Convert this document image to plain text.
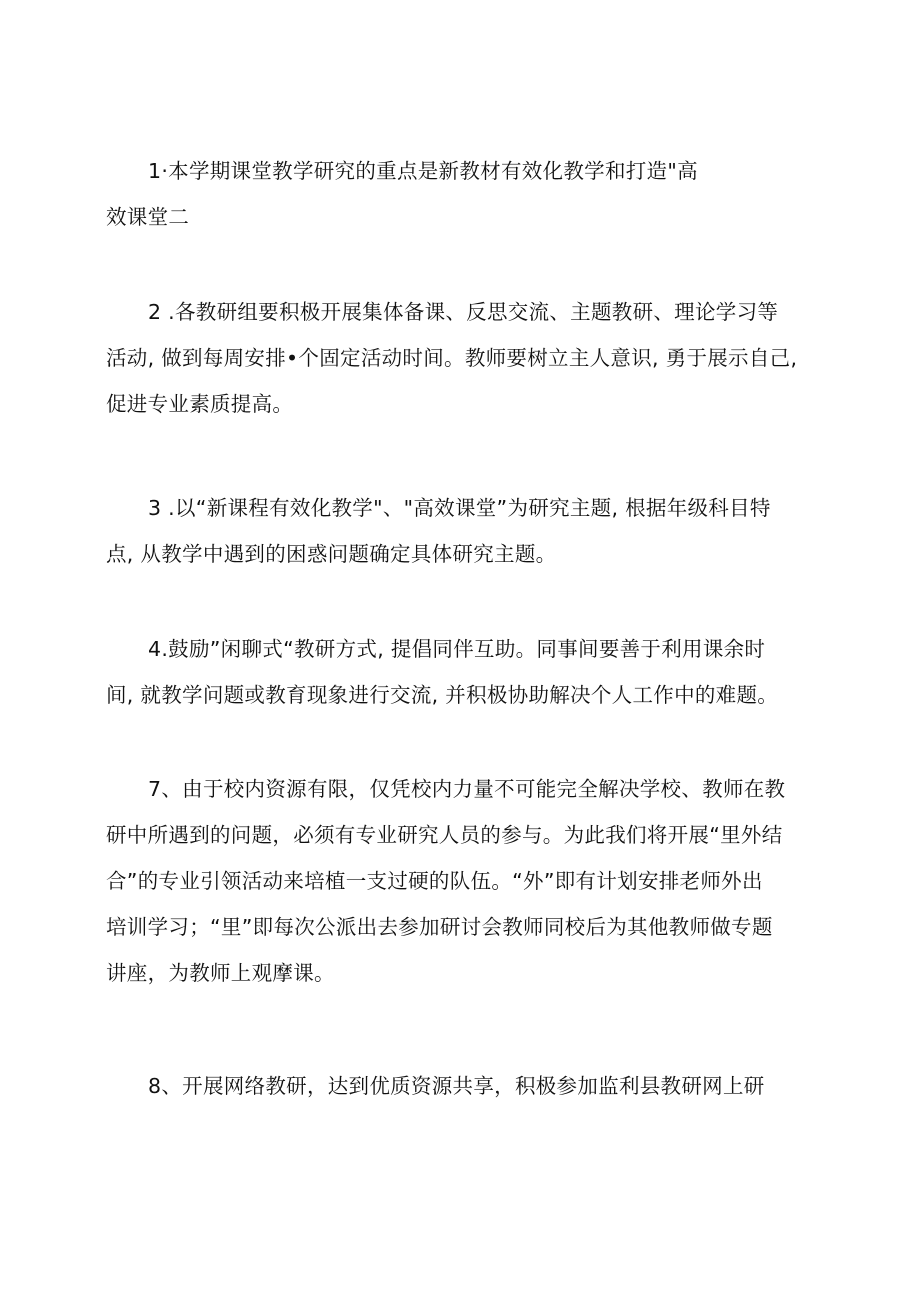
1·本学期课堂教学研究的重点是新教材有效化教学和打造"高
效课堂二
2 .各教研组要积极开展集体备课、反思交流、主题教研、理论学习等
活动, 做到每周安排•个固定活动时间。教师要树立主人意识, 勇于展示自己,
促进专业素质提高。
3 .以“新课程有效化教学"、"高效课堂”为研究主题, 根据年级科目特
点, 从教学中遇到的困惑问题确定具体研究主题。
4.鼓励”闲聊式“教研方式, 提倡同伴互助。同事间要善于利用课余时
间, 就教学问题或教育现象进行交流, 并积极协助解决个人工作中的难题。
7、由于校内资源有限，仅凭校内力量不可能完全解决学校、教师在教
研中所遇到的问题，必须有专业研究人员的参与。为此我们将开展“里外结
合”的专业引领活动来培植一支过硬的队伍。“外”即有计划安排老师外出
培训学习；“里”即每次公派出去参加研讨会教师同校后为其他教师做专题
讲座，为教师上观摩课。
8、开展网络教研，达到优质资源共享，积极参加监利县教研网上研
